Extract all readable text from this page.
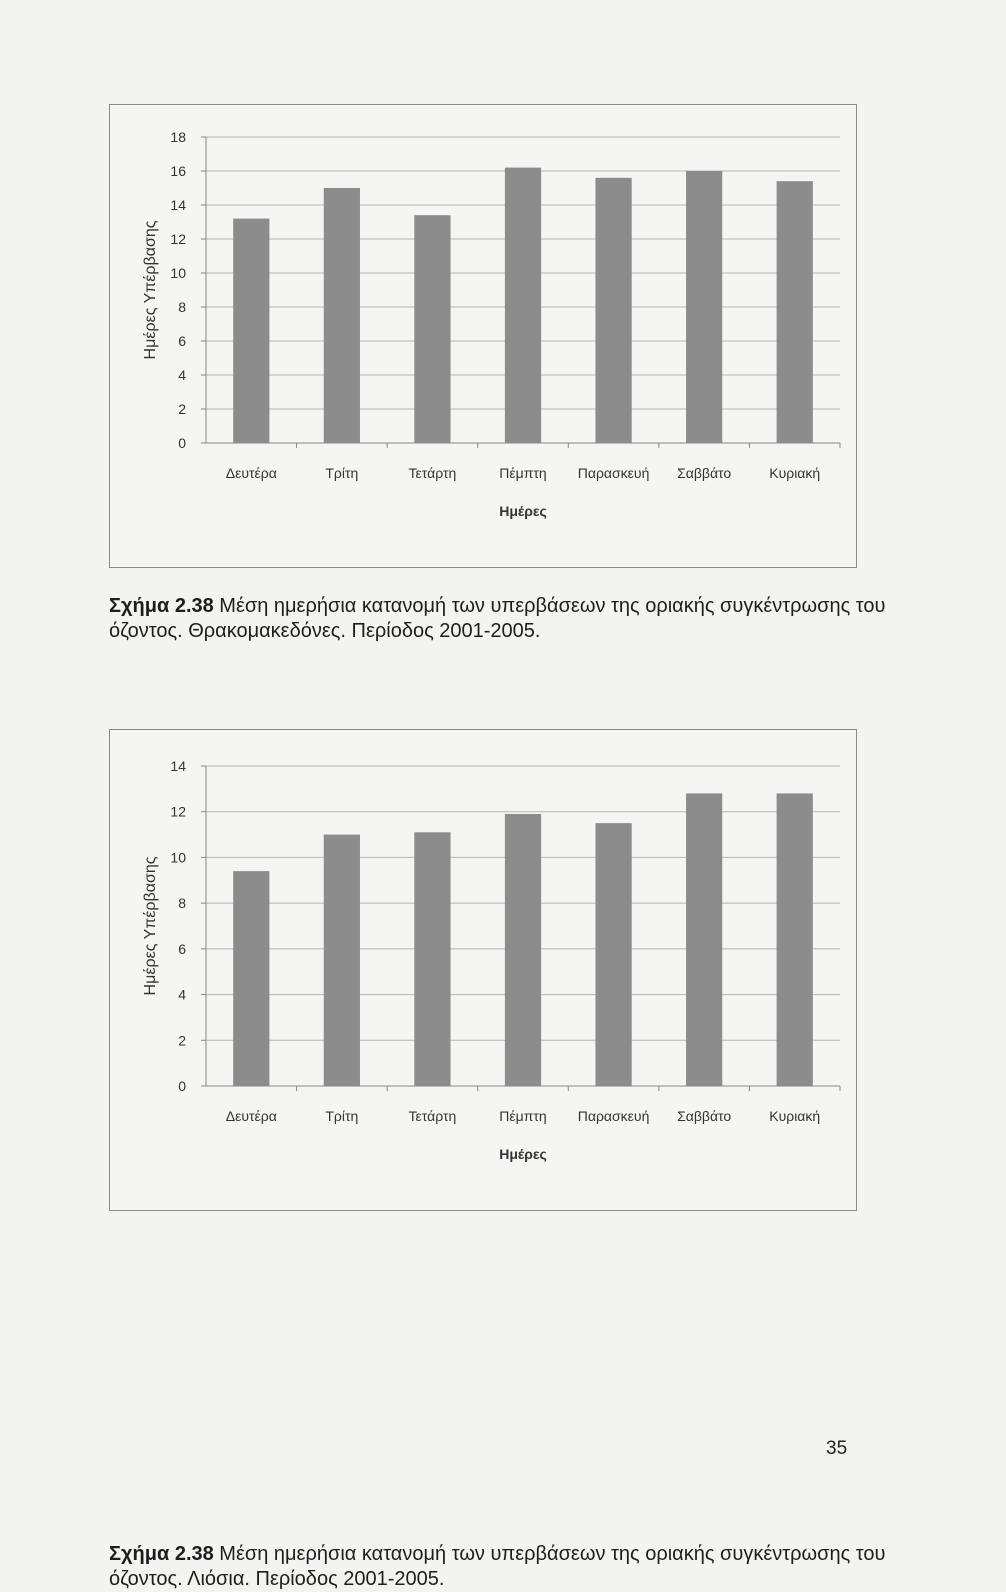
0
2
4
6
8
10
12
14
16
18
Δευτέρα	Τρίτη	Τετάρτη	Πέμπτη Παρασκευή Σαββάτο	Κυριακή
Ημέρες
Ημέρες Υπέρβασης
Σχήμα 2.38 Μέση ημερήσια κατανομή των υπερβάσεων της οριακής συγκέντρωσης του όζοντος. Θρακομακεδόνες. Περίοδος 2001-2005.
0
2
4
6
8
10
12
14
Δευτέρα	Τρίτη	Τετάρτη	Πέμπτη Παρασκευή Σαββάτο	Κυριακή
Ημέρες
Ημέρες Υπέρβασης
Σχήμα 2.38 Μέση ημερήσια κατανομή των υπερβάσεων της οριακής συγκέντρωσης του όζοντος. Λιόσια. Περίοδος 2001-2005.
35
